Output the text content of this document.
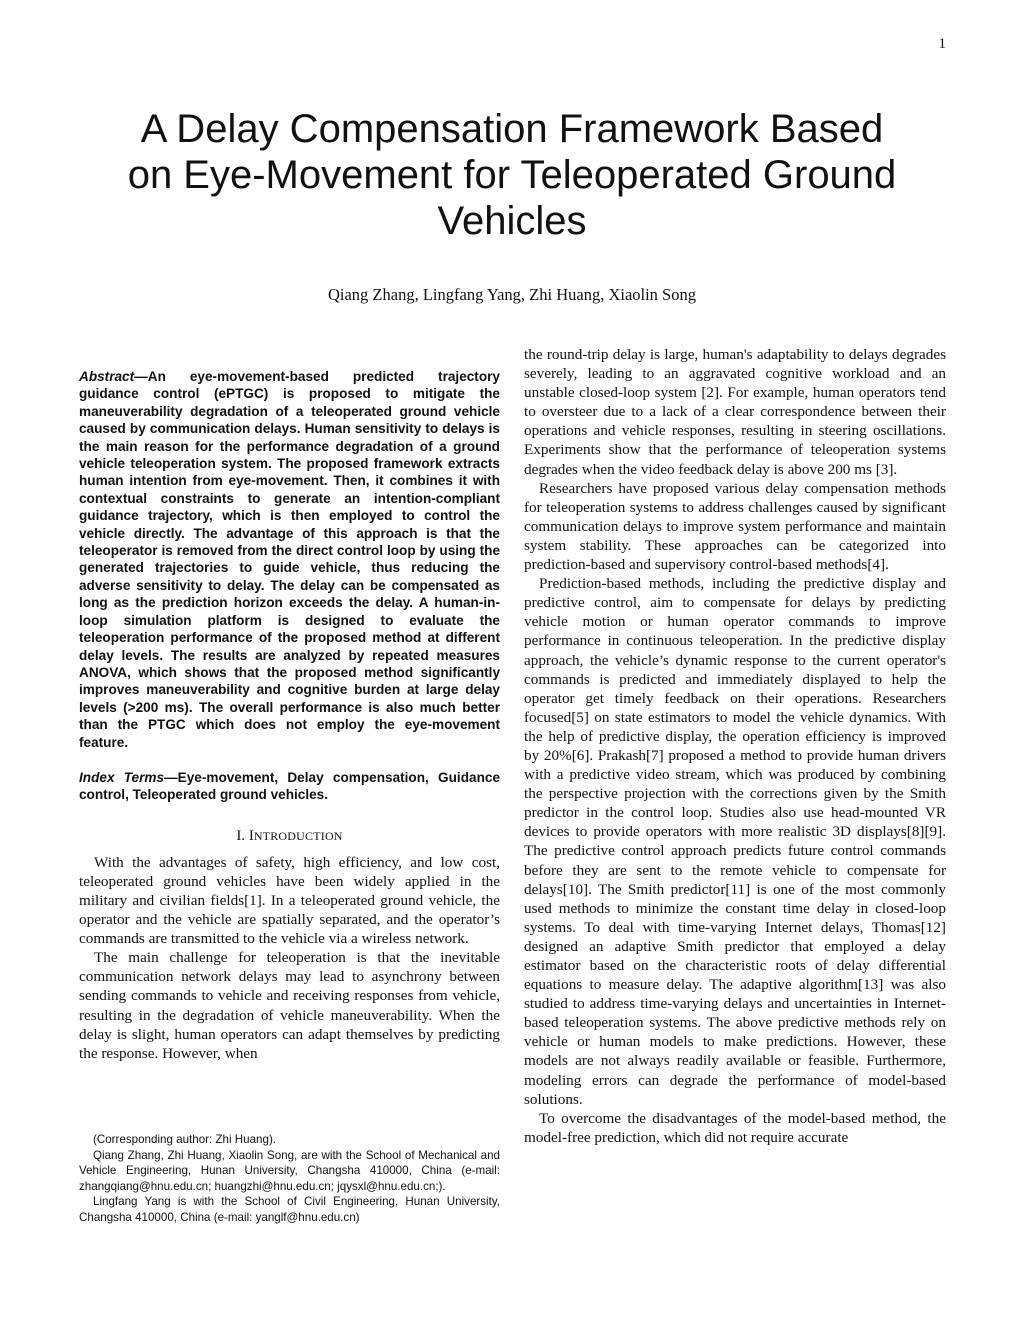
1
A Delay Compensation Framework Based
on Eye-Movement for Teleoperated Ground
Vehicles
Qiang Zhang, Lingfang Yang, Zhi Huang, Xiaolin Song

Abstract—An eye-movement-based predicted trajectory guidance control (ePTGC) is proposed to mitigate the maneuverability degradation of a teleoperated ground vehicle caused by communication delays. Human sensitivity to delays is the main reason for the performance degradation of a ground vehicle teleoperation system. The proposed framework extracts human intention from eye-movement. Then, it combines it with contextual constraints to generate an intention-compliant guidance trajectory, which is then employed to control the vehicle directly. The advantage of this approach is that the teleoperator is removed from the direct control loop by using the generated trajectories to guide vehicle, thus reducing the adverse sensitivity to delay. The delay can be compensated as long as the prediction horizon exceeds the delay. A human-in-loop simulation platform is designed to evaluate the teleoperation performance of the proposed method at different delay levels. The results are analyzed by repeated measures ANOVA, which shows that the proposed method significantly improves maneuverability and cognitive burden at large delay levels (>200 ms). The overall performance is also much better than the PTGC which does not employ the eye-movement feature.

Index Terms—Eye-movement, Delay compensation, Guidance control, Teleoperated ground vehicles.

I. INTRODUCTION

With the advantages of safety, high efficiency, and low cost, teleoperated ground vehicles have been widely applied in the military and civilian fields[1]. In a teleoperated ground vehicle, the operator and the vehicle are spatially separated, and the operator’s commands are transmitted to the vehicle via a wireless network.

The main challenge for teleoperation is that the inevitable communication network delays may lead to asynchrony between sending commands to vehicle and receiving responses from vehicle, resulting in the degradation of vehicle maneuverability. When the delay is slight, human operators can adapt themselves by predicting the response. However, when

(Corresponding author: Zhi Huang).

Qiang Zhang, Zhi Huang, Xiaolin Song, are with the School of Mechanical and Vehicle Engineering, Hunan University, Changsha 410000, China (e-mail: zhangqiang@hnu.edu.cn; huangzhi@hnu.edu.cn; jqysxl@hnu.edu.cn;).

Lingfang Yang is with the School of Civil Engineering, Hunan University, Changsha 410000, China (e-mail: yanglf@hnu.edu.cn)

the round-trip delay is large, human's adaptability to delays degrades severely, leading to an aggravated cognitive workload and an unstable closed-loop system [2]. For example, human operators tend to oversteer due to a lack of a clear correspondence between their operations and vehicle responses, resulting in steering oscillations. Experiments show that the performance of teleoperation systems degrades when the video feedback delay is above 200 ms [3].

Researchers have proposed various delay compensation methods for teleoperation systems to address challenges caused by significant communication delays to improve system performance and maintain system stability. These approaches can be categorized into prediction-based and supervisory control-based methods[4].

Prediction-based methods, including the predictive display and predictive control, aim to compensate for delays by predicting vehicle motion or human operator commands to improve performance in continuous teleoperation. In the predictive display approach, the vehicle’s dynamic response to the current operator's commands is predicted and immediately displayed to help the operator get timely feedback on their operations. Researchers focused[5] on state estimators to model the vehicle dynamics. With the help of predictive display, the operation efficiency is improved by 20%[6]. Prakash[7] proposed a method to provide human drivers with a predictive video stream, which was produced by combining the perspective projection with the corrections given by the Smith predictor in the control loop. Studies also use head-mounted VR devices to provide operators with more realistic 3D displays[8][9]. The predictive control approach predicts future control commands before they are sent to the remote vehicle to compensate for delays[10]. The Smith predictor[11] is one of the most commonly used methods to minimize the constant time delay in closed-loop systems. To deal with time-varying Internet delays, Thomas[12] designed an adaptive Smith predictor that employed a delay estimator based on the characteristic roots of delay differential equations to measure delay. The adaptive algorithm[13] was also studied to address time-varying delays and uncertainties in Internet-based teleoperation systems. The above predictive methods rely on vehicle or human models to make predictions. However, these models are not always readily available or feasible. Furthermore, modeling errors can degrade the performance of model-based solutions.

To overcome the disadvantages of the model-based method, the model-free prediction, which did not require accurate
